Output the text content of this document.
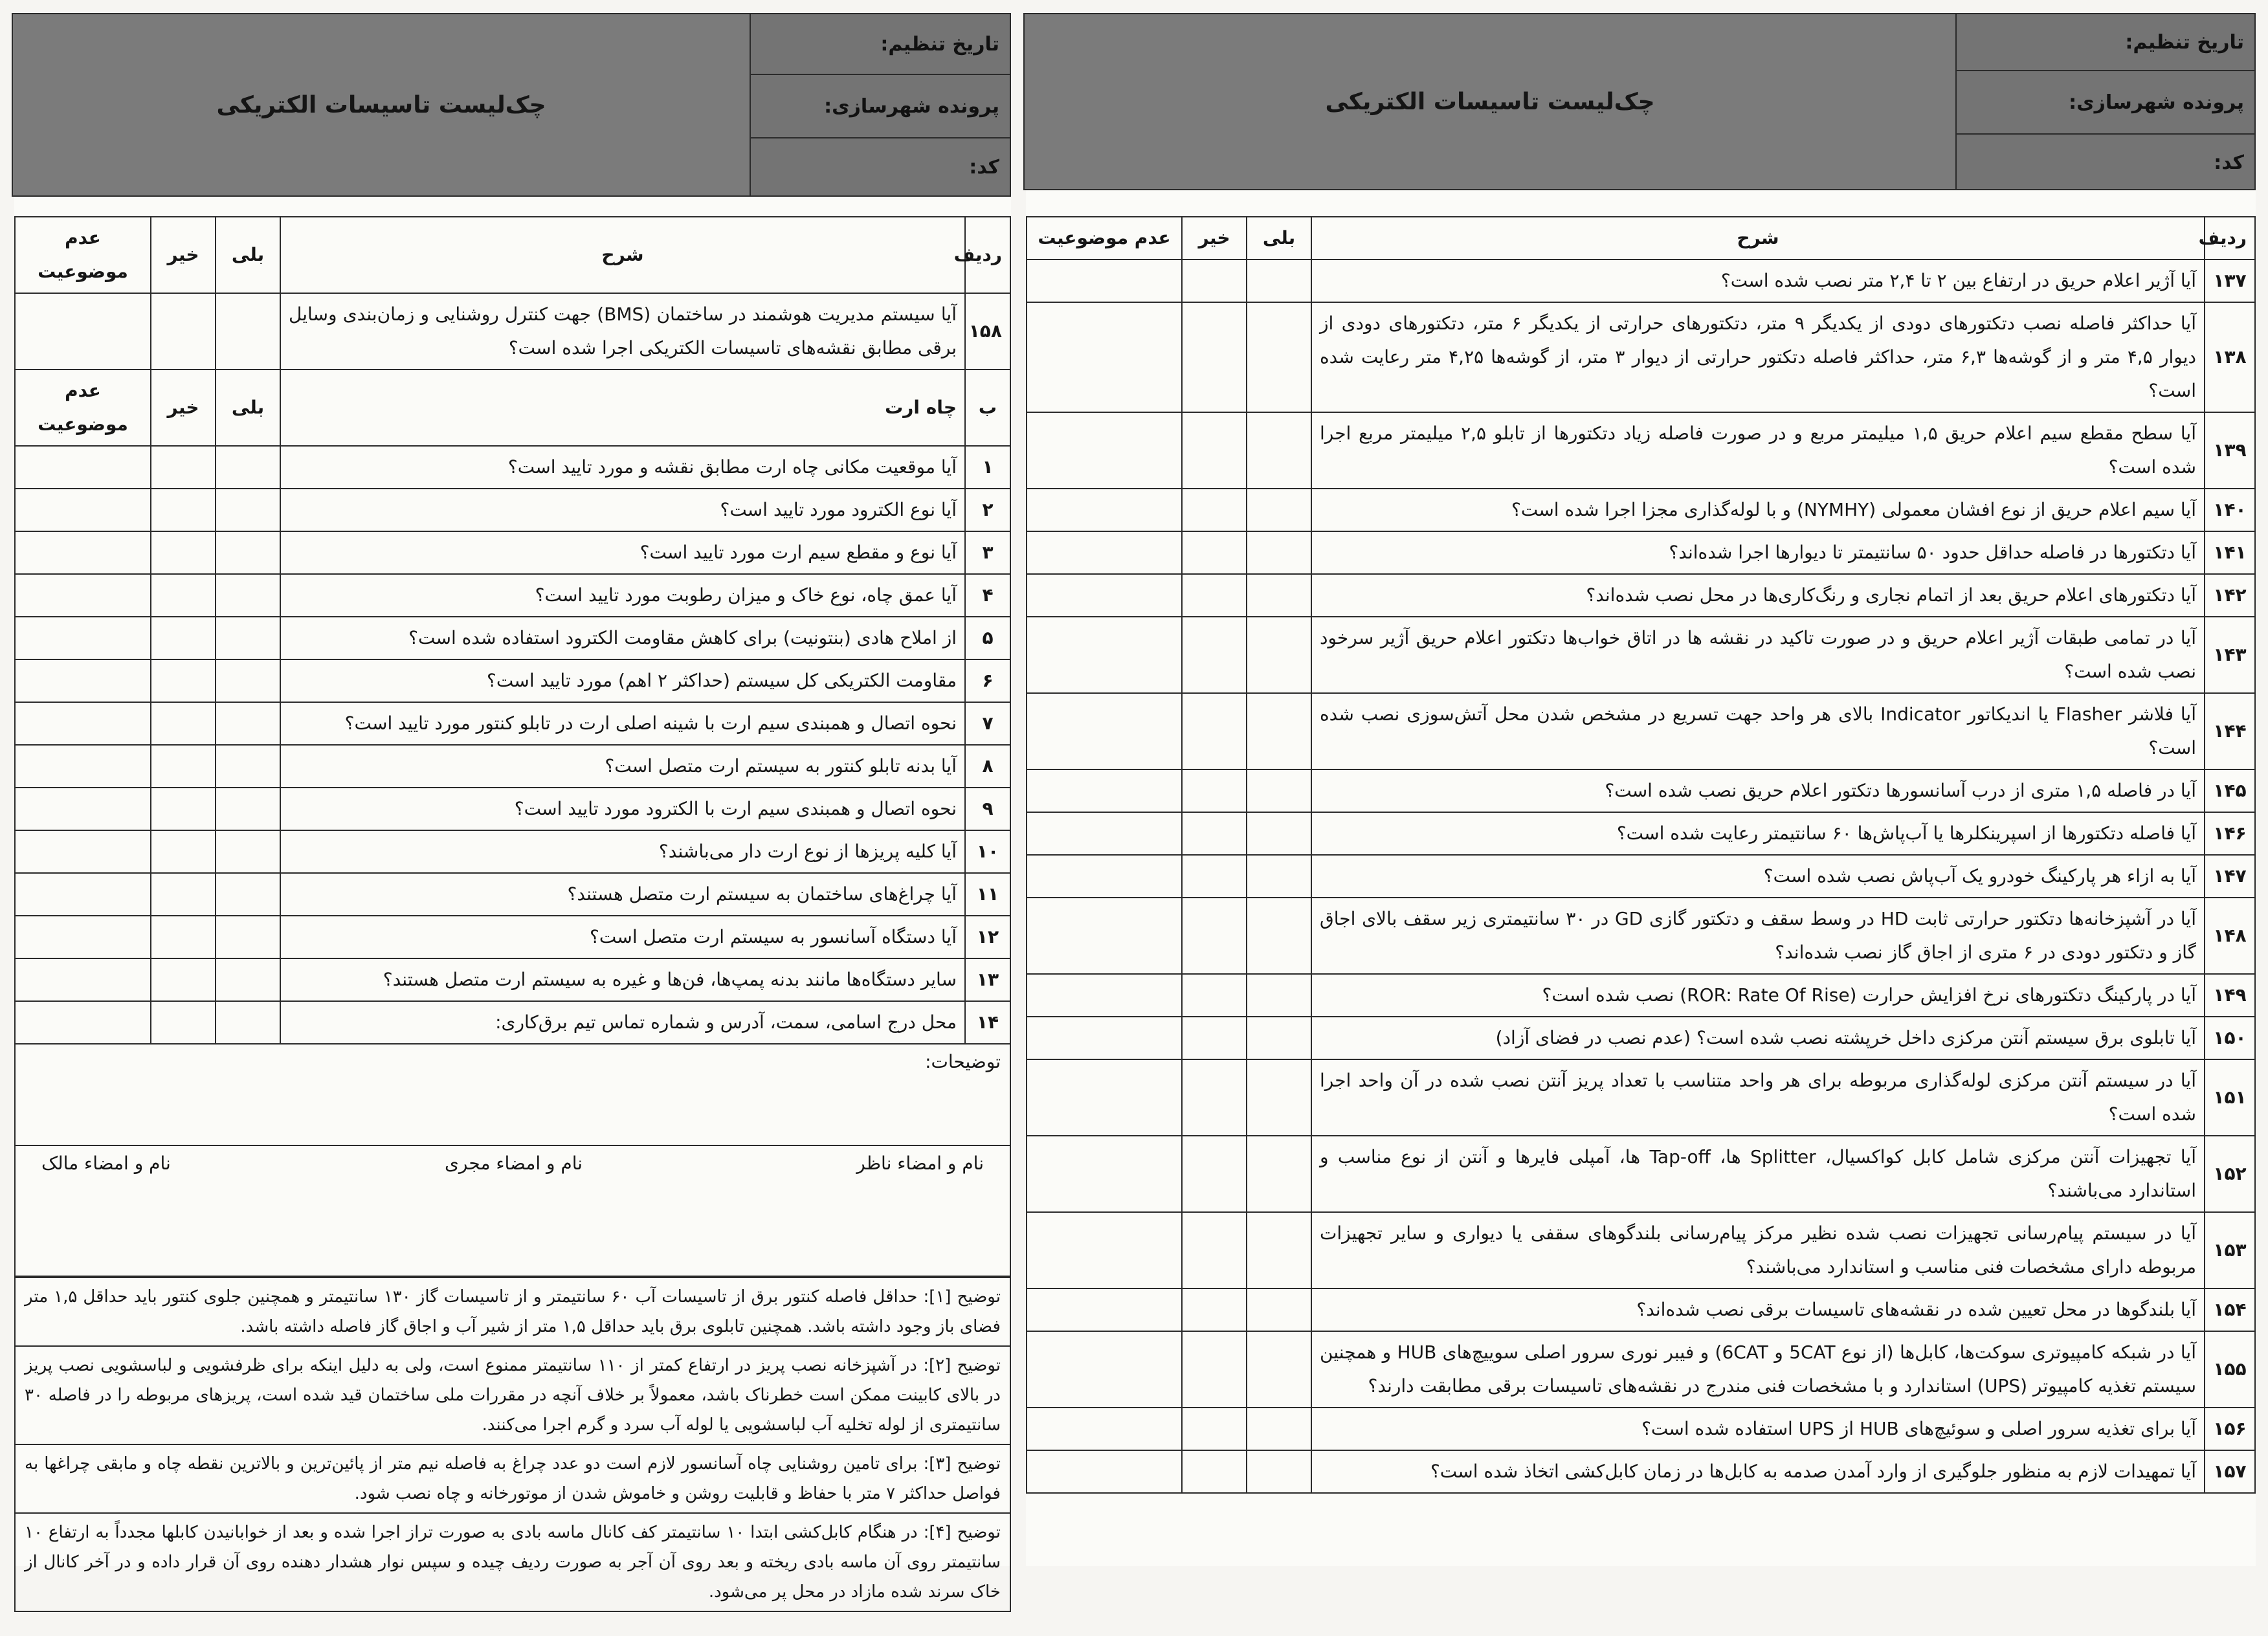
تاریخ تنظیم:
پرونده شهرسازی:
کد:
چک‌لیست تاسیسات الکتریکی
ردیف	شرح	بلی	خیر	عدم موضوعیت
۱۳۷	آیا آژیر اعلام حریق در ارتفاع بین ۲ تا ۲,۴ متر نصب شده است؟			
۱۳۸	آیا حداکثر فاصله نصب دتکتورهای دودی از یکدیگر ۹ متر، دتکتورهای حرارتی از یکدیگر ۶ متر، دتکتورهای دودی از دیوار ۴,۵ متر و از گوشه‌ها ۶,۳ متر، حداکثر فاصله دتکتور حرارتی از دیوار ۳ متر، از گوشه‌ها ۴,۲۵ متر رعایت شده است؟			
۱۳۹	آیا سطح مقطع سیم اعلام حریق ۱,۵ میلیمتر مربع و در صورت فاصله زیاد دتکتورها از تابلو ۲,۵ میلیمتر مربع اجرا شده است؟			
۱۴۰	آیا سیم اعلام حریق از نوع افشان معمولی (NYMHY) و با لوله‌گذاری مجزا اجرا شده است؟			
۱۴۱	آیا دتکتورها در فاصله حداقل حدود ۵۰ سانتیمتر تا دیوارها اجرا شده‌اند؟			
۱۴۲	آیا دتکتورهای اعلام حریق بعد از اتمام نجاری و رنگ‌کاری‌ها در محل نصب شده‌اند؟			
۱۴۳	آیا در تمامی طبقات آژیر اعلام حریق و در صورت تاکید در نقشه ها در اتاق خواب‌ها دتکتور اعلام حریق آژیر سرخود نصب شده است؟			
۱۴۴	آیا فلاشر Flasher یا اندیکاتور Indicator بالای هر واحد جهت تسریع در مشخص شدن محل آتش‌سوزی نصب شده است؟			
۱۴۵	آیا در فاصله ۱,۵ متری از درب آسانسورها دتکتور اعلام حریق نصب شده است؟			
۱۴۶	آیا فاصله دتکتورها از اسپرینکلرها یا آب‌پاش‌ها ۶۰ سانتیمتر رعایت شده است؟			
۱۴۷	آیا به ازاء هر پارکینگ خودرو یک آب‌پاش نصب شده است؟			
۱۴۸	آیا در آشپزخانه‌ها دتکتور حرارتی ثابت HD در وسط سقف و دتکتور گازی GD در ۳۰ سانتیمتری زیر سقف بالای اجاق گاز و دتکتور دودی در ۶ متری از اجاق گاز نصب شده‌اند؟			
۱۴۹	آیا در پارکینگ دتکتورهای نرخ افزایش حرارت (ROR: Rate Of Rise) نصب شده است؟			
۱۵۰	آیا تابلوی برق سیستم آنتن مرکزی داخل خرپشته نصب شده است؟ (عدم نصب در فضای آزاد)			
۱۵۱	آیا در سیستم آنتن مرکزی لوله‌گذاری مربوطه برای هر واحد متناسب با تعداد پریز آنتن نصب شده در آن واحد اجرا شده است؟			
۱۵۲	آیا تجهیزات آنتن مرکزی شامل کابل کواکسیال، Splitter ها، Tap-off ها، آمپلی فایرها و آنتن از نوع مناسب و استاندارد می‌باشند؟			
۱۵۳	آیا در سیستم پیام‌رسانی تجهیزات نصب شده نظیر مرکز پیام‌رسانی بلندگوهای سقفی یا دیواری و سایر تجهیزات مربوطه دارای مشخصات فنی مناسب و استاندارد می‌باشند؟			
۱۵۴	آیا بلندگوها در محل تعیین شده در نقشه‌های تاسیسات برقی نصب شده‌اند؟			
۱۵۵	آیا در شبکه کامپیوتری سوکت‌ها، کابل‌ها (از نوع 5CAT و 6CAT) و فیبر نوری سرور اصلی سوییچ‌های HUB و همچنین سیستم تغذیه کامپیوتر (UPS) استاندارد و با مشخصات فنی مندرج در نقشه‌های تاسیسات برقی مطابقت دارند؟			
۱۵۶	آیا برای تغذیه سرور اصلی و سوئیچ‌های HUB از UPS استفاده شده است؟			
۱۵۷	آیا تمهیدات لازم به منظور جلوگیری از وارد آمدن صدمه به کابل‌ها در زمان کابل‌کشی اتخاذ شده است؟			
تاریخ تنظیم:
پرونده شهرسازی:
کد:
چک‌لیست تاسیسات الکتریکی
ردیف	شرح	بلی	خیر	عدم موضوعیت
۱۵۸	آیا سیستم مدیریت هوشمند در ساختمان (BMS) جهت کنترل روشنایی و زمان‌بندی وسایل برقی مطابق نقشه‌های تاسیسات الکتریکی اجرا شده است؟			
ب	چاه ارت	بلی	خیر	عدم موضوعیت
۱	آیا موقعیت مکانی چاه ارت مطابق نقشه و مورد تایید است؟			
۲	آیا نوع الکترود مورد تایید است؟			
۳	آیا نوع و مقطع سیم ارت مورد تایید است؟			
۴	آیا عمق چاه، نوع خاک و میزان رطوبت مورد تایید است؟			
۵	از املاح هادی (بنتونیت) برای کاهش مقاومت الکترود استفاده شده است؟			
۶	مقاومت الکتریکی کل سیستم (حداکثر ۲ اهم) مورد تایید است؟			
۷	نحوه اتصال و همبندی سیم ارت با شینه اصلی ارت در تابلو کنتور مورد تایید است؟			
۸	آیا بدنه تابلو کنتور به سیستم ارت متصل است؟			
۹	نحوه اتصال و همبندی سیم ارت با الکترود مورد تایید است؟			
۱۰	آیا کلیه پریزها از نوع ارت دار می‌باشند؟			
۱۱	آیا چراغ‌های ساختمان به سیستم ارت متصل هستند؟			
۱۲	آیا دستگاه آسانسور به سیستم ارت متصل است؟			
۱۳	سایر دستگاه‌ها مانند بدنه پمپ‌ها، فن‌ها و غیره به سیستم ارت متصل هستند؟			
۱۴	محل درج اسامی، سمت، آدرس و شماره تماس تیم برق‌کاری:			
توضیحات:
نام و امضاء ناظر
نام و امضاء مجری
نام و امضاء مالک
توضیح [۱]: حداقل فاصله کنتور برق از تاسیسات آب ۶۰ سانتیمتر و از تاسیسات گاز ۱۳۰ سانتیمتر و همچنین جلوی کنتور باید حداقل ۱,۵ متر فضای باز وجود داشته باشد. همچنین تابلوی برق باید حداقل ۱,۵ متر از شیر آب و اجاق گاز فاصله داشته باشد.
توضیح [۲]: در آشپزخانه نصب پریز در ارتفاع کمتر از ۱۱۰ سانتیمتر ممنوع است، ولی به دلیل اینکه برای ظرفشویی و لباسشویی نصب پریز در بالای کابینت ممکن است خطرناک باشد، معمولاً بر خلاف آنچه در مقررات ملی ساختمان قید شده است، پریزهای مربوطه را در فاصله ۳۰ سانتیمتری از لوله تخلیه آب لباسشویی یا لوله آب سرد و گرم اجرا می‌کنند.
توضیح [۳]: برای تامین روشنایی چاه آسانسور لازم است دو عدد چراغ به فاصله نیم متر از پائین‌ترین و بالاترین نقطه چاه و مابقی چراغها به فواصل حداکثر ۷ متر با حفاظ و قابلیت روشن و خاموش شدن از موتورخانه و چاه نصب شود.
توضیح [۴]: در هنگام کابل‌کشی ابتدا ۱۰ سانتیمتر کف کانال ماسه بادی به صورت تراز اجرا شده و بعد از خوابانیدن کابلها مجدداً به ارتفاع ۱۰ سانتیمتر روی آن ماسه بادی ریخته و بعد روی آن آجر به صورت ردیف چیده و سپس نوار هشدار دهنده روی آن قرار داده و در آخر کانال از خاک سرند شده مازاد در محل پر می‌شود.
